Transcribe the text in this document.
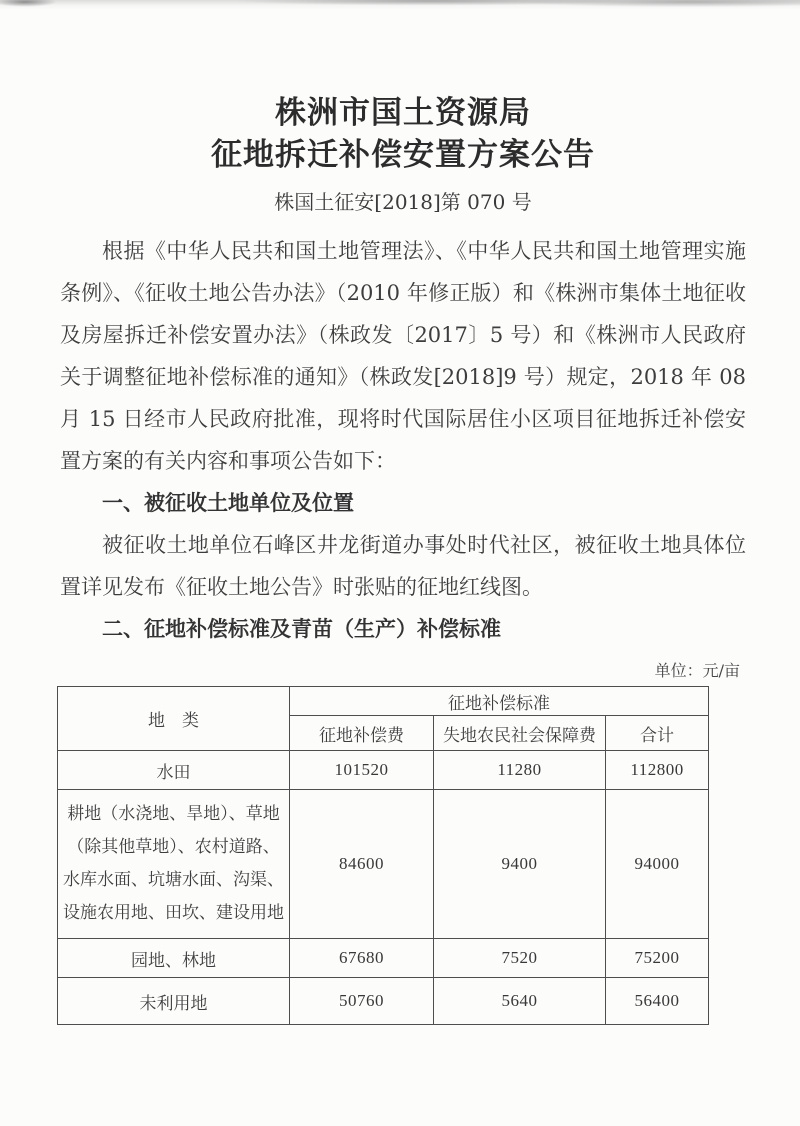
株洲市国土资源局
征地拆迁补偿安置方案公告
株国土征安[2018]第 070 号

根据《中华人民共和国土地管理法》、《中华人民共和国土地管理实施条例》、《征收土地公告办法》（2010 年修正版）和《株洲市集体土地征收及房屋拆迁补偿安置办法》（株政发〔2017〕5 号）和《株洲市人民政府关于调整征地补偿标准的通知》（株政发[2018]9 号）规定，2018 年 08 月 15 日经市人民政府批准，现将时代国际居住小区项目征地拆迁补偿安置方案的有关内容和事项公告如下：

一、被征收土地单位及位置

被征收土地单位石峰区井龙街道办事处时代社区，被征收土地具体位置详见发布《征收土地公告》时张贴的征地红线图。

二、征地补偿标准及青苗（生产）补偿标准

单位：元/亩
地　类	征地补偿标准		
	征地补偿费	失地农民社会保障费	合计
水田	101520	11280	112800
耕地（水浇地、旱地）、草地（除其他草地）、农村道路、水库水面、坑塘水面、沟渠、设施农用地、田坎、建设用地	84600	9400	94000
园地、林地	67680	7520	75200
未利用地	50760	5640	56400
